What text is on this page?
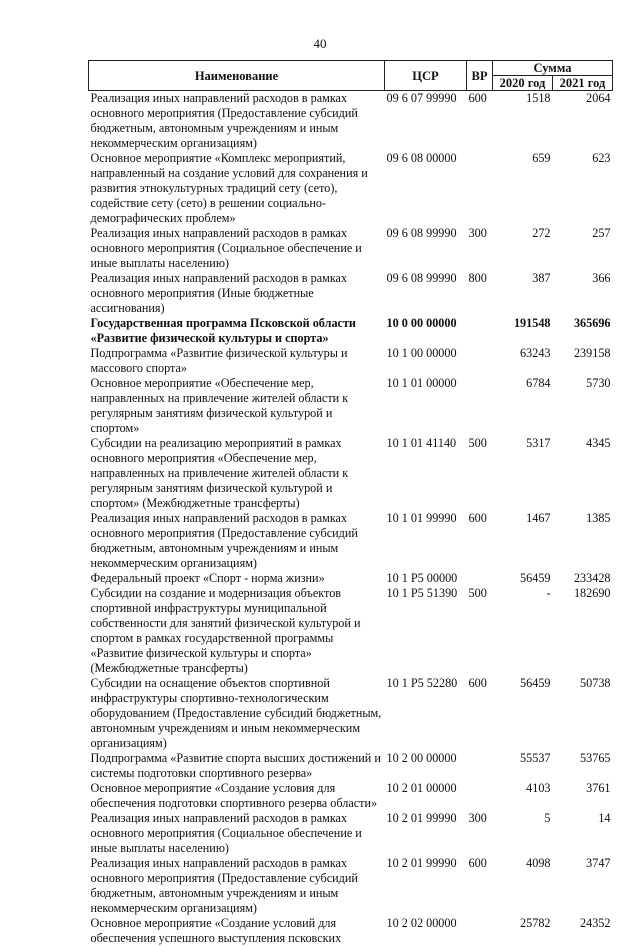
40
Наименование	ЦСР	ВР	Сумма	
			2020 год	2021 год
Реализация иных направлений расходов в рамках основного мероприятия (Предоставление субсидий бюджетным, автономным учреждениям и иным некоммерческим организациям)	09 6 07 99990	600	1518	2064
Основное мероприятие «Комплекс мероприятий, направленный на создание условий для сохранения и развития этнокультурных традиций сету (сето), содействие сету (сето) в решении социально-демографических проблем»	09 6 08 00000		659	623
Реализация иных направлений расходов в рамках основного мероприятия (Социальное обеспечение и иные выплаты населению)	09 6 08 99990	300	272	257
Реализация иных направлений расходов в рамках основного мероприятия (Иные бюджетные ассигнования)	09 6 08 99990	800	387	366
Государственная программа Псковской области «Развитие физической культуры и спорта»	10 0 00 00000		191548	365696
Подпрограмма «Развитие физической культуры и массового спорта»	10 1 00 00000		63243	239158
Основное мероприятие «Обеспечение мер, направленных на привлечение жителей области к регулярным занятиям физической культурой и спортом»	10 1 01 00000		6784	5730
Субсидии на реализацию мероприятий в рамках основного мероприятия «Обеспечение мер, направленных на привлечение жителей области к регулярным занятиям физической культурой и спортом» (Межбюджетные трансферты)	10 1 01 41140	500	5317	4345
Реализация иных направлений расходов в рамках основного мероприятия (Предоставление субсидий бюджетным, автономным учреждениям и иным некоммерческим организациям)	10 1 01 99990	600	1467	1385
Федеральный проект «Спорт - норма жизни»	10 1 P5 00000		56459	233428
Субсидии на создание и модернизация объектов спортивной инфраструктуры муниципальной собственности для занятий физической культурой и спортом в рамках государственной программы «Развитие физической культуры и спорта» (Межбюджетные трансферты)	10 1 P5 51390	500	-	182690
Субсидии на оснащение объектов спортивной инфраструктуры спортивно-технологическим оборудованием (Предоставление субсидий бюджетным, автономным учреждениям и иным некоммерческим организациям)	10 1 P5 52280	600	56459	50738
Подпрограмма «Развитие спорта высших достижений и системы подготовки спортивного резерва»	10 2 00 00000		55537	53765
Основное мероприятие «Создание условия для обеспечения подготовки спортивного резерва области»	10 2 01 00000		4103	3761
Реализация иных направлений расходов в рамках основного мероприятия (Социальное обеспечение и иные выплаты населению)	10 2 01 99990	300	5	14
Реализация иных направлений расходов в рамках основного мероприятия (Предоставление субсидий бюджетным, автономным учреждениям и иным некоммерческим организациям)	10 2 01 99990	600	4098	3747
Основное мероприятие «Создание условий для обеспечения успешного выступления псковских	10 2 02 00000		25782	24352
